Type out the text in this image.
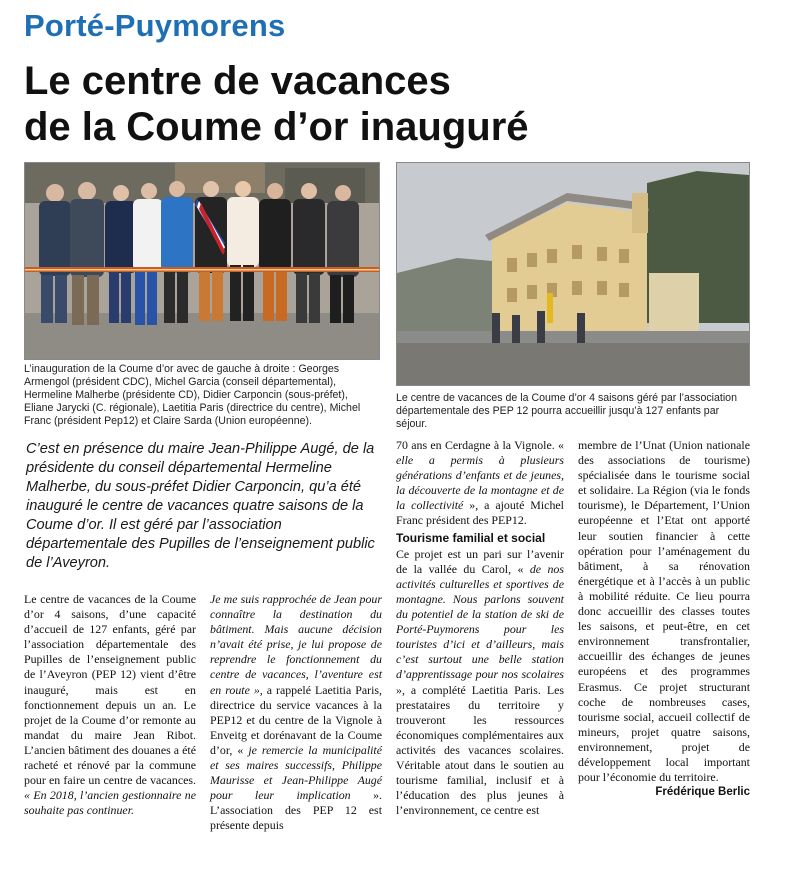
Porté-Puymorens
Le centre de vacances
de la Coume d’or inauguré
L’inauguration de la Coume d’or avec de gauche à droite : Georges Armengol (président CDC), Michel Garcia (conseil départemental), Hermeline Malherbe (présidente CD), Didier Carponcin (sous-préfet), Eliane Jarycki (C. régionale), Laetitia Paris (directrice du centre), Michel Franc (président Pep12) et Claire Sarda (Union européenne).
Le centre de vacances de la Coume d’or 4 saisons géré par l’association départementale des PEP 12 pourra accueillir jusqu’à 127 enfants par séjour.
C’est en présence du maire Jean-Philippe Augé, de la présidente du conseil départemental Hermeline Malherbe, du sous-préfet Didier Carponcin, qu’a été inauguré le centre de vacances quatre saisons de la Coume d’or. Il est géré par l’association départementale des Pupilles de l’enseignement public de l’Aveyron.

Le centre de vacances de la Coume d’or 4 saisons, d’une capacité d’accueil de 127 enfants, géré par l’association départementale des Pupilles de l’enseignement public de l’Aveyron (PEP 12) vient d’être inauguré, mais est en fonctionnement depuis un an. Le projet de la Coume d’or remonte au mandat du maire Jean Ribot. L’ancien bâtiment des douanes a été racheté et rénové par la commune pour en faire un centre de vacances. « En 2018, l’ancien gestionnaire ne souhaite pas continuer.

Je me suis rapprochée de Jean pour connaître la destination du bâtiment. Mais aucune décision n’avait été prise, je lui propose de reprendre le fonctionnement du centre de vacances, l’aventure est en route », a rappelé Laetitia Paris, directrice du service vacances à la PEP12 et du centre de la Vignole à Enveitg et dorénavant de la Coume d’or, « je remercie la municipalité et ses maires successifs, Philippe Maurisse et Jean-Philippe Augé pour leur implication ». L’association des PEP 12 est présente depuis

70 ans en Cerdagne à la Vignole. « elle a permis à plusieurs générations d’enfants et de jeunes, la découverte de la montagne et de la collectivité », a ajouté Michel Franc président des PEP12.

Tourisme familial et social

Ce projet est un pari sur l’avenir de la vallée du Carol, « de nos activités culturelles et sportives de montagne. Nous parlons souvent du potentiel de la station de ski de Porté-Puymorens pour les touristes d’ici et d’ailleurs, mais c’est surtout une belle station d’apprentissage pour nos scolaires », a complété Laetitia Paris. Les prestataires du territoire y trouveront les ressources économiques complémentaires aux activités des vacances scolaires. Véritable atout dans le soutien au tourisme familial, inclusif et à l’éducation des plus jeunes à l’environnement, ce centre est

membre de l’Unat (Union nationale des associations de tourisme) spécialisée dans le tourisme social et solidaire. La Région (via le fonds tourisme), le Département, l’Union européenne et l’Etat ont apporté leur soutien financier à cette opération pour l’aménagement du bâtiment, à sa rénovation énergétique et à l’accès à un public à mobilité réduite. Ce lieu pourra donc accueillir des classes toutes les saisons, et peut-être, en cet environnement transfrontalier, accueillir des échanges de jeunes européens et des programmes Erasmus. Ce projet structurant coche de nombreuses cases, tourisme social, accueil collectif de mineurs, projet quatre saisons, environnement, projet de développement local important pour l’économie du territoire.

Frédérique Berlic
